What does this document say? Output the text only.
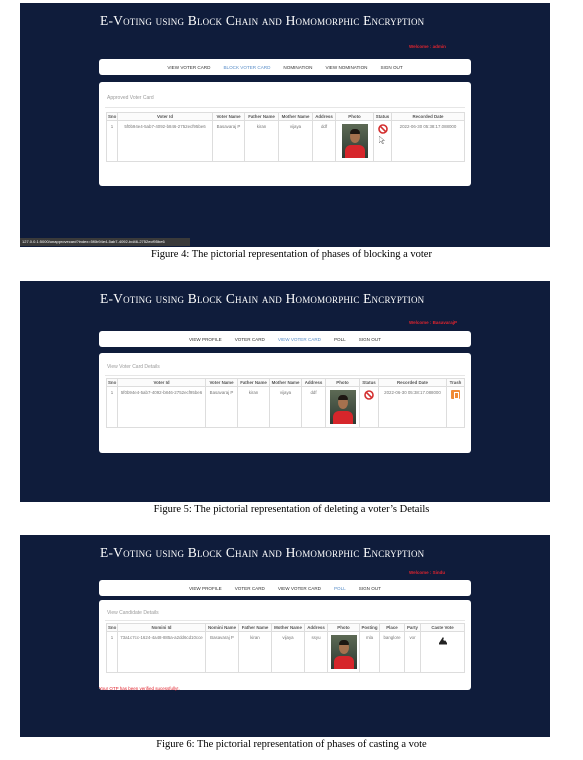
E-Voting using Block Chain and Homomorphic Encryption
Welcome : admin
VIEW VOTER CARD	BLOCK VOTER CARD	NOMINATION	VIEW NOMINATION	SIGN OUT
Approved Voter Card
Sno	Voter Id	Voter Name	Father Name	Mother Name	Address	Photo	Status	Recorded Date
1	5f0b94e4-5ab7-4092-b846-2752ecf95be6	Basavaraj P	kiran	vijaya	ddf			2022-06-30 05:38:17.088000
127.0.0.1:5000/unapprovecard?index=5f0b94e4-5ab7-4092-bd46-2752ecf95be6
Figure 4: The pictorial representation of phases of blocking a voter
E-Voting using Block Chain and Homomorphic Encryption
Welcome : BasavarajP
VIEW PROFILE	VOTER CARD	VIEW VOTER CARD	POLL	SIGN OUT
View Voter Card Details
Sno	Voter Id	Voter Name	Father Name	Mother Name	Address	Photo	Status	Recorded Date	Trash
1	5f0b94e4-5ab7-4092-b846-2752ecf95be6	Basavaraj P	kiran	vijaya	ddf			2022-06-30 05:38:17.088000	
Figure 5: The pictorial representation of deleting a voter’s Details
E-Voting using Block Chain and Homomorphic Encryption
Welcome : Sindu
VIEW PROFILE	VOTER CARD	VIEW VOTER CARD	POLL	SIGN OUT
View Candidate Details
Sno	Nomini Id	Nomini Name	Father Name	Mother Name	Address	Photo	Posting	Place	Party	Caste Vote
1	73a1c7cc-1624-4a48-885a-a2dd6cd10cce	Basavaraj P	kiran	vijaya	ssyu		mla	banglore	vor	
Your OTP has been verified sucessfully!.
Figure 6: The pictorial representation of phases of casting a vote
